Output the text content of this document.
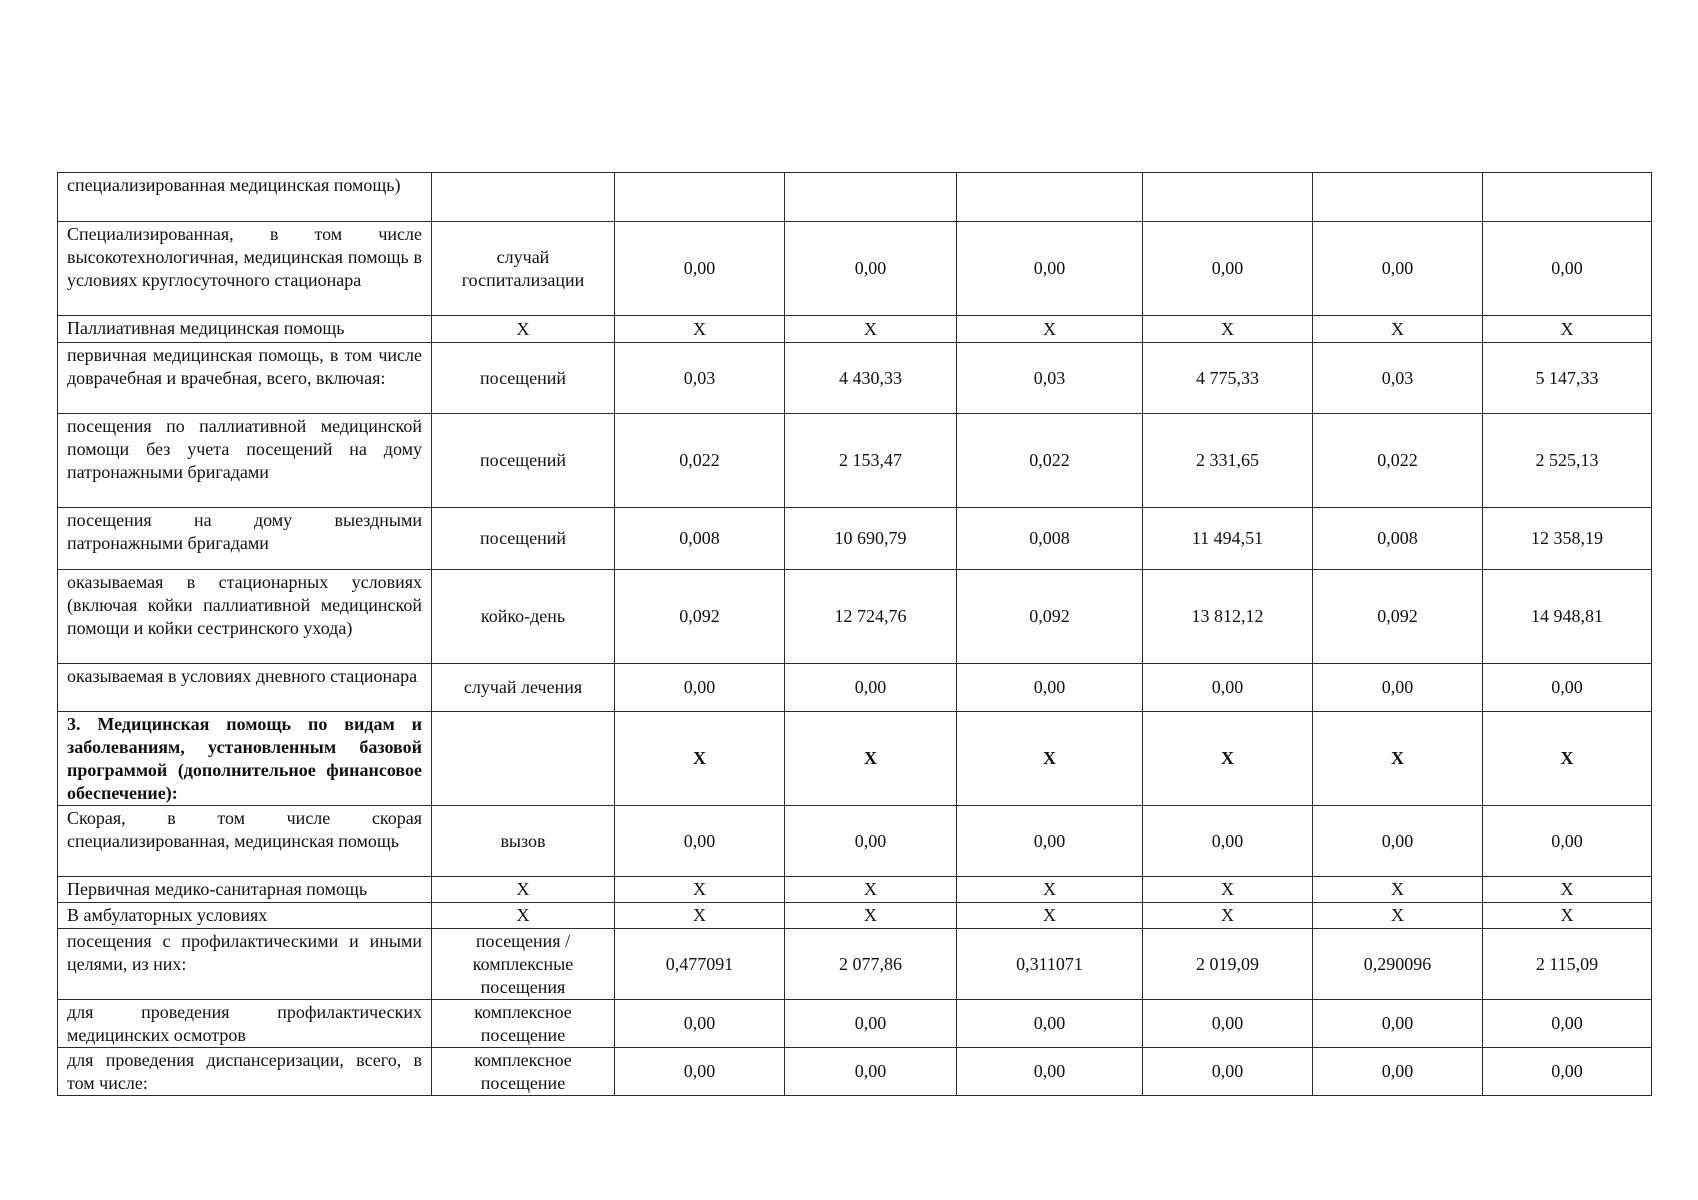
специализированная медицинская помощь)							
Специализированная, в том числе высокотехнологичная, медицинская помощь в условиях круглосуточного стационара	случай госпитализации	0,00	0,00	0,00	0,00	0,00	0,00
Паллиативная медицинская помощь	X	X	X	X	X	X	X
первичная медицинская помощь, в том числе доврачебная и врачебная, всего, включая:	посещений	0,03	4 430,33	0,03	4 775,33	0,03	5 147,33
посещения по паллиативной медицинской помощи без учета посещений на дому патронажными бригадами	посещений	0,022	2 153,47	0,022	2 331,65	0,022	2 525,13
посещения на дому выездными патронажными бригадами	посещений	0,008	10 690,79	0,008	11 494,51	0,008	12 358,19
оказываемая в стационарных условиях (включая койки паллиативной медицинской помощи и койки сестринского ухода)	койко-день	0,092	12 724,76	0,092	13 812,12	0,092	14 948,81
оказываемая в условиях дневного стационара	случай лечения	0,00	0,00	0,00	0,00	0,00	0,00
3. Медицинская помощь по видам и заболеваниям, установленным базовой программой (дополнительное финансовое обеспечение):		X	X	X	X	X	X
Скорая, в том числе скорая специализированная, медицинская помощь	вызов	0,00	0,00	0,00	0,00	0,00	0,00
Первичная медико-санитарная помощь	X	X	X	X	X	X	X
В амбулаторных условиях	X	X	X	X	X	X	X
посещения с профилактическими и иными целями, из них:	посещения / комплексные посещения	0,477091	2 077,86	0,311071	2 019,09	0,290096	2 115,09
для проведения профилактических медицинских осмотров	комплексное посещение	0,00	0,00	0,00	0,00	0,00	0,00
для проведения диспансеризации, всего, в том числе:	комплексное посещение	0,00	0,00	0,00	0,00	0,00	0,00
